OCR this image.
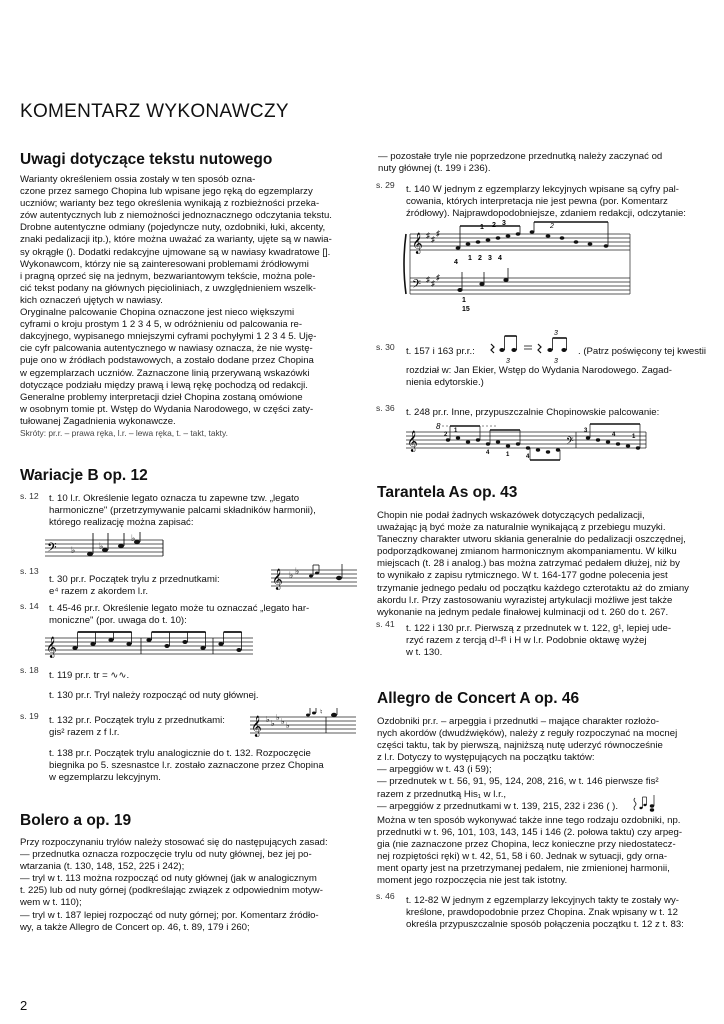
KOMENTARZ WYKONAWCZY
Uwagi dotyczące tekstu nutowego
Warianty określeniem ossia zostały w ten sposób ozna-
czone przez samego Chopina lub wpisane jego ręką do egzemplarzy
uczniów; warianty bez tego określenia wynikają z rozbieżności przeka-
zów autentycznych lub z niemożności jednoznacznego odczytania tekstu.
Drobne autentyczne odmiany (pojedyncze nuty, ozdobniki, łuki, akcenty,
znaki pedalizacji itp.), które można uważać za warianty, ujęte są w nawia-
sy okrągłe (). Dodatki redakcyjne ujmowane są w nawiasy kwadratowe [].
Wykonawcom, którzy nie są zainteresowani problemami źródłowymi
i pragną oprzeć się na jednym, bezwariantowym tekście, można pole-
cić tekst podany na głównych pięcioliniach, z uwzględnieniem wszelk-
kich oznaczeń ujętych w nawiasy.
Oryginalne palcowanie Chopina oznaczone jest nieco większymi
cyframi o kroju prostym 1 2 3 4 5, w odróżnieniu od palcowania re-
dakcyjnego, wypisanego mniejszymi cyframi pochyłymi 1 2 3 4 5. Uję-
cie cyfr palcowania autentycznego w nawiasy oznacza, że nie wystę-
puje ono w źródłach podstawowych, a zostało dodane przez Chopina
w egzemplarzach uczniów. Zaznaczone linią przerywaną wskazówki
dotyczące podziału między prawą i lewą rękę pochodzą od redakcji.
Generalne problemy interpretacji dzieł Chopina zostaną omówione
w osobnym tomie pt. Wstęp do Wydania Narodowego, w części zaty-
tułowanej Zagadnienia wykonawcze.
Skróty: pr.r. – prawa ręka, l.r. – lewa ręka, t. – takt, takty.
Wariacje B op. 12
s. 12 t. 10 l.r. Określenie legato oznacza tu zapewne tzw. „legato
harmoniczne" (przetrzymywanie palcami składników harmonii),
którego realizację można zapisać:
𝄢 ♭	♭
♭
s. 13
t. 30 pr.r. Początek trylu z przednutkami:
e⁴ razem z akordem l.r.
𝄞 ♭ ♭
s. 14 t. 45-46 pr.r. Określenie legato może tu oznaczać „legato har-
moniczne" (por. uwaga do t. 10):
𝄞
s. 18 t. 119 pr.r. tr = ∿∿.
t. 130 pr.r. Tryl należy rozpocząć od nuty głównej.
s. 19 t. 132 pr.r. Początek trylu z przednutkami:
gis² razem z f l.r.	𝄞 ♭ ♭
♭ ♭ ♭
♮
t. 138 pr.r. Początek trylu analogicznie do t. 132. Rozpoczęcie
biegnika po 5. szesnastce l.r. zostało zaznaczone przez Chopina
w egzemplarzu lekcyjnym.
Bolero a op. 19
Przy rozpoczynaniu trylów należy stosować się do następujących zasad:
— przednutka oznacza rozpoczęcie trylu od nuty głównej, bez jej po-
wtarzania (t. 130, 148, 152, 225 i 242);
— tryl w t. 113 można rozpocząć od nuty głównej (jak w analogicznym
t. 225) lub od nuty górnej (podkreślając związek z odpowiednim motyw-
wem w t. 110);
— tryl w t. 187 lepiej rozpocząć od nuty górnej; por. Komentarz źródło-
wy, a także Allegro de Concert op. 46, t. 89, 179 i 260;
— pozostałe tryle nie poprzedzone przednutką należy zaczynać od
nuty głównej (t. 199 i 236).
s. 29 t. 140 W jednym z egzemplarzy lekcyjnych wpisane są cyfry pal-
cowania, których interpretacja nie jest pewna (por. Komentarz
źródłowy). Najprawdopodobniejsze, zdaniem redakcji, odczytanie:
𝄞
𝄢
♯ ♯
♯
♯ ♯
♯
1 2 3	2
4
1 2 3 4
1
15
s. 30 t. 157 i 163 pr.r.:
3
3
3
. (Patrz poświęcony tej kwestii
rozdział w: Jan Ekier, Wstęp do Wydania Narodowego. Zagad-
nienia edytorskie.)
s. 36 t. 248 pr.r. Inne, przypuszczalnie Chopinowskie palcowanie:
𝄞
8
𝄢
2
1
4	1	4
3
4	1
Tarantela As op. 43
Chopin nie podał żadnych wskazówek dotyczących pedalizacji,
uważając ją być może za naturalnie wynikającą z przebiegu muzyki.
Taneczny charakter utworu skłania generalnie do pedalizacji oszczędnej,
podporządkowanej zmianom harmonicznym akompaniamentu. W kilku
miejscach (t. 28 i analog.) bas można zatrzymać pedałem dłużej, niż by
to wynikało z zapisu rytmicznego. W t. 164-177 godne polecenia jest
trzymanie jednego pedału od początku każdego czterotaktu aż do zmiany
akordu l.r. Przy zastosowaniu wyrazistej artykulacji możliwe jest także
wykonanie na jednym pedale finałowej kulminacji od t. 260 do t. 267.
s. 41 t. 122 i 130 pr.r. Pierwszą z przednutek w t. 122, g¹, lepiej ude-
rzyć razem z tercją d¹-f¹ i H w l.r. Podobnie oktawę wyżej
w t. 130.
Allegro de Concert A op. 46
Ozdobniki pr.r. – arpeggia i przednutki – mające charakter rozłożo-
nych akordów (dwudźwięków), należy z reguły rozpoczynać na mocnej
części taktu, tak by pierwszą, najniższą nutę uderzyć równocześnie
z l.r. Dotyczy to występujących na początku taktów:
— arpeggiów w t. 43 (i 59);
— przednutek w t. 56, 91, 95, 124, 208, 216, w t. 146 pierwsze fis²
razem z przednutką His₁ w l.r.,
— arpeggiów z przednutkami w t. 139, 215, 232 i 236 ( ).
Można w ten sposób wykonywać także inne tego rodzaju ozdobniki, np.
przednutki w t. 96, 101, 103, 143, 145 i 146 (2. połowa taktu) czy arpeg-
gia (nie zaznaczone przez Chopina, lecz konieczne przy niedostatecz-
nej rozpiętości ręki) w t. 42, 51, 58 i 60. Jednak w sytuacji, gdy orna-
ment oparty jest na przetrzymanej pedałem, nie zmienionej harmonii,
moment jego rozpoczęcia nie jest tak istotny.
s. 46 t. 12-82 W jednym z egzemplarzy lekcyjnych takty te zostały wy-
kreślone, prawdopodobnie przez Chopina. Znak wpisany w t. 12
określa przypuszczalnie sposób połączenia początku t. 12 z t. 83:
2
